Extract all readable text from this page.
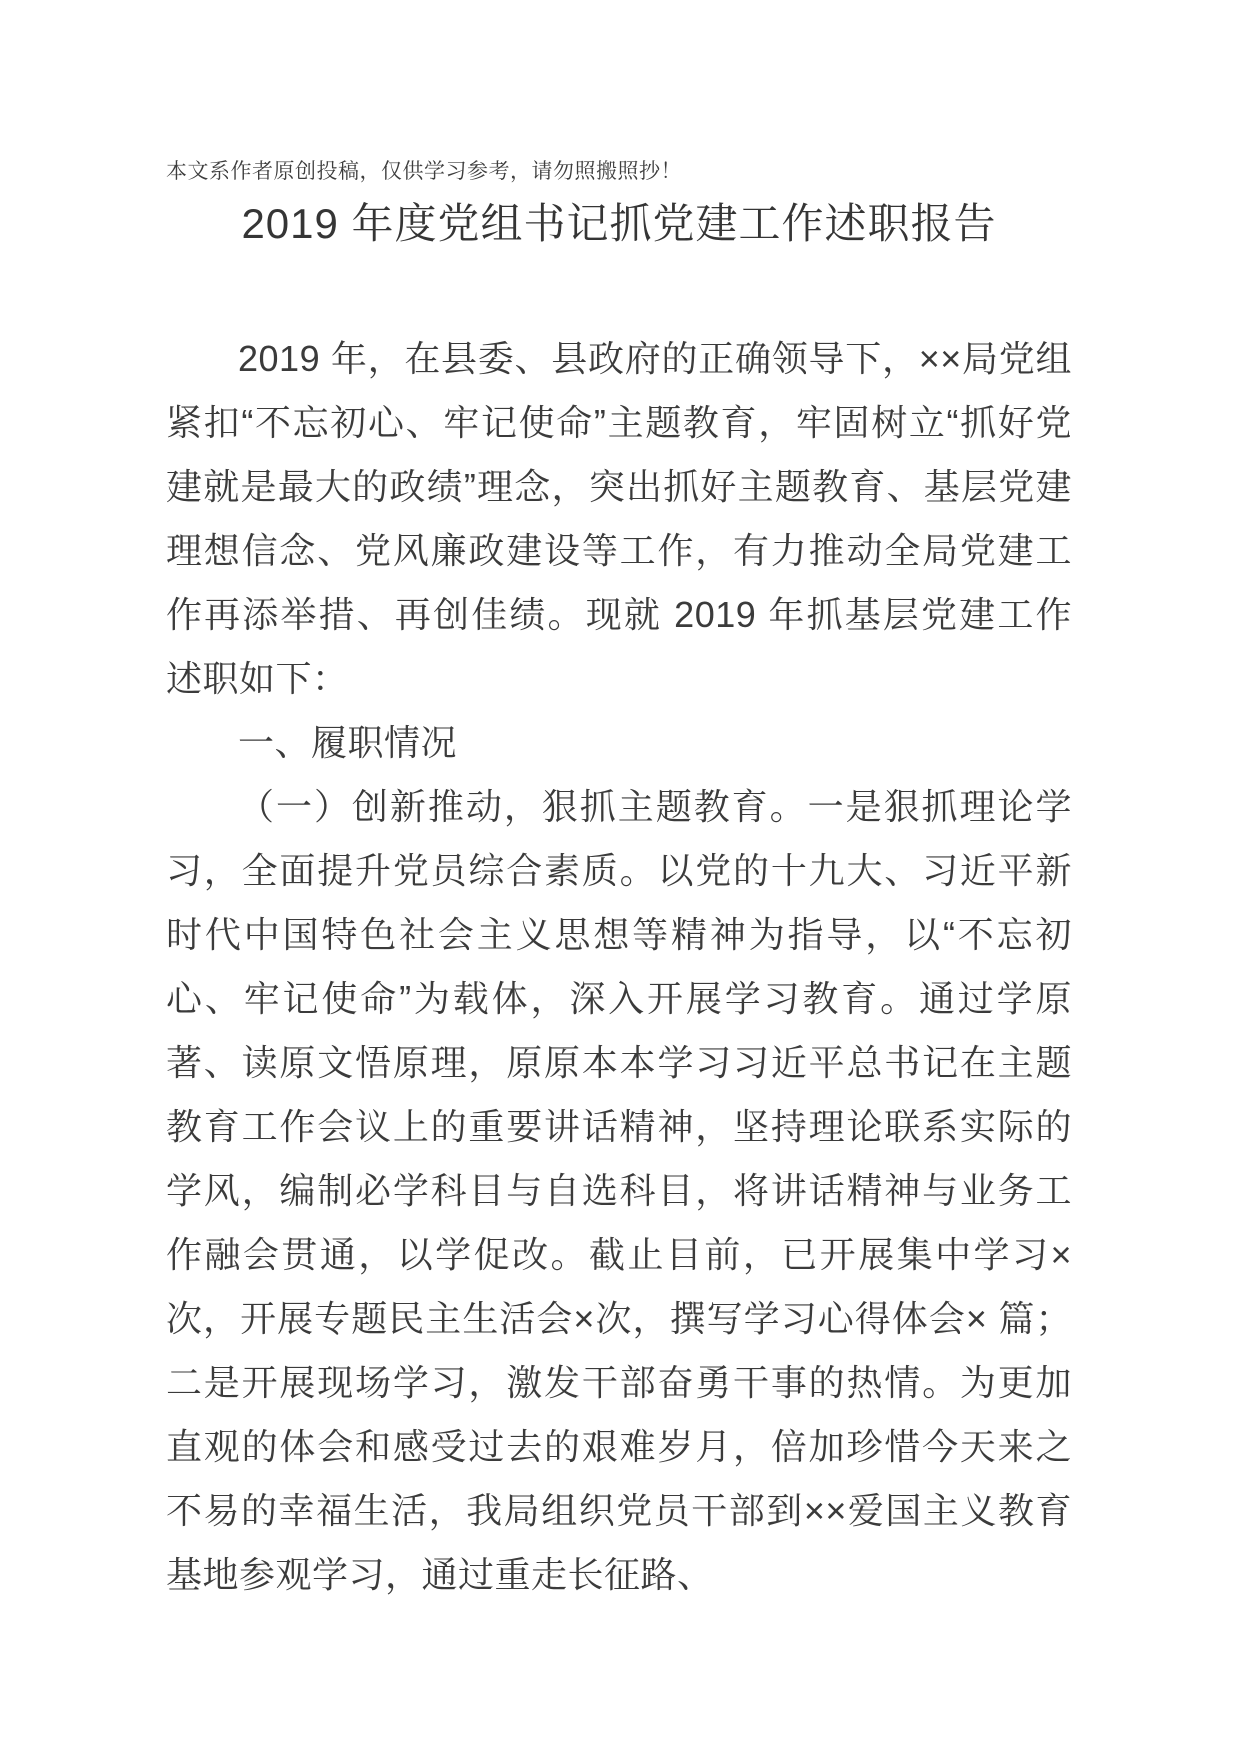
本文系作者原创投稿，仅供学习参考，请勿照搬照抄！

2019 年度党组书记抓党建工作述职报告

2019 年，在县委、县政府的正确领导下，××局党组紧扣“不忘初心、牢记使命”主题教育，牢固树立“抓好党建就是最大的政绩”理念，突出抓好主题教育、基层党建理想信念、党风廉政建设等工作，有力推动全局党建工作再添举措、再创佳绩。现就 2019 年抓基层党建工作述职如下：

一、履职情况

（一）创新推动，狠抓主题教育。一是狠抓理论学习，全面提升党员综合素质。以党的十九大、习近平新时代中国特色社会主义思想等精神为指导，以“不忘初心、牢记使命”为载体，深入开展学习教育。通过学原著、读原文悟原理，原原本本学习习近平总书记在主题教育工作会议上的重要讲话精神，坚持理论联系实际的学风，编制必学科目与自选科目，将讲话精神与业务工作融会贯通，以学促改。截止目前，已开展集中学习×次，开展专题民主生活会×次，撰写学习心得体会× 篇；二是开展现场学习，激发干部奋勇干事的热情。为更加直观的体会和感受过去的艰难岁月，倍加珍惜今天来之不易的幸福生活，我局组织党员干部到××爱国主义教育基地参观学习，通过重走长征路、
